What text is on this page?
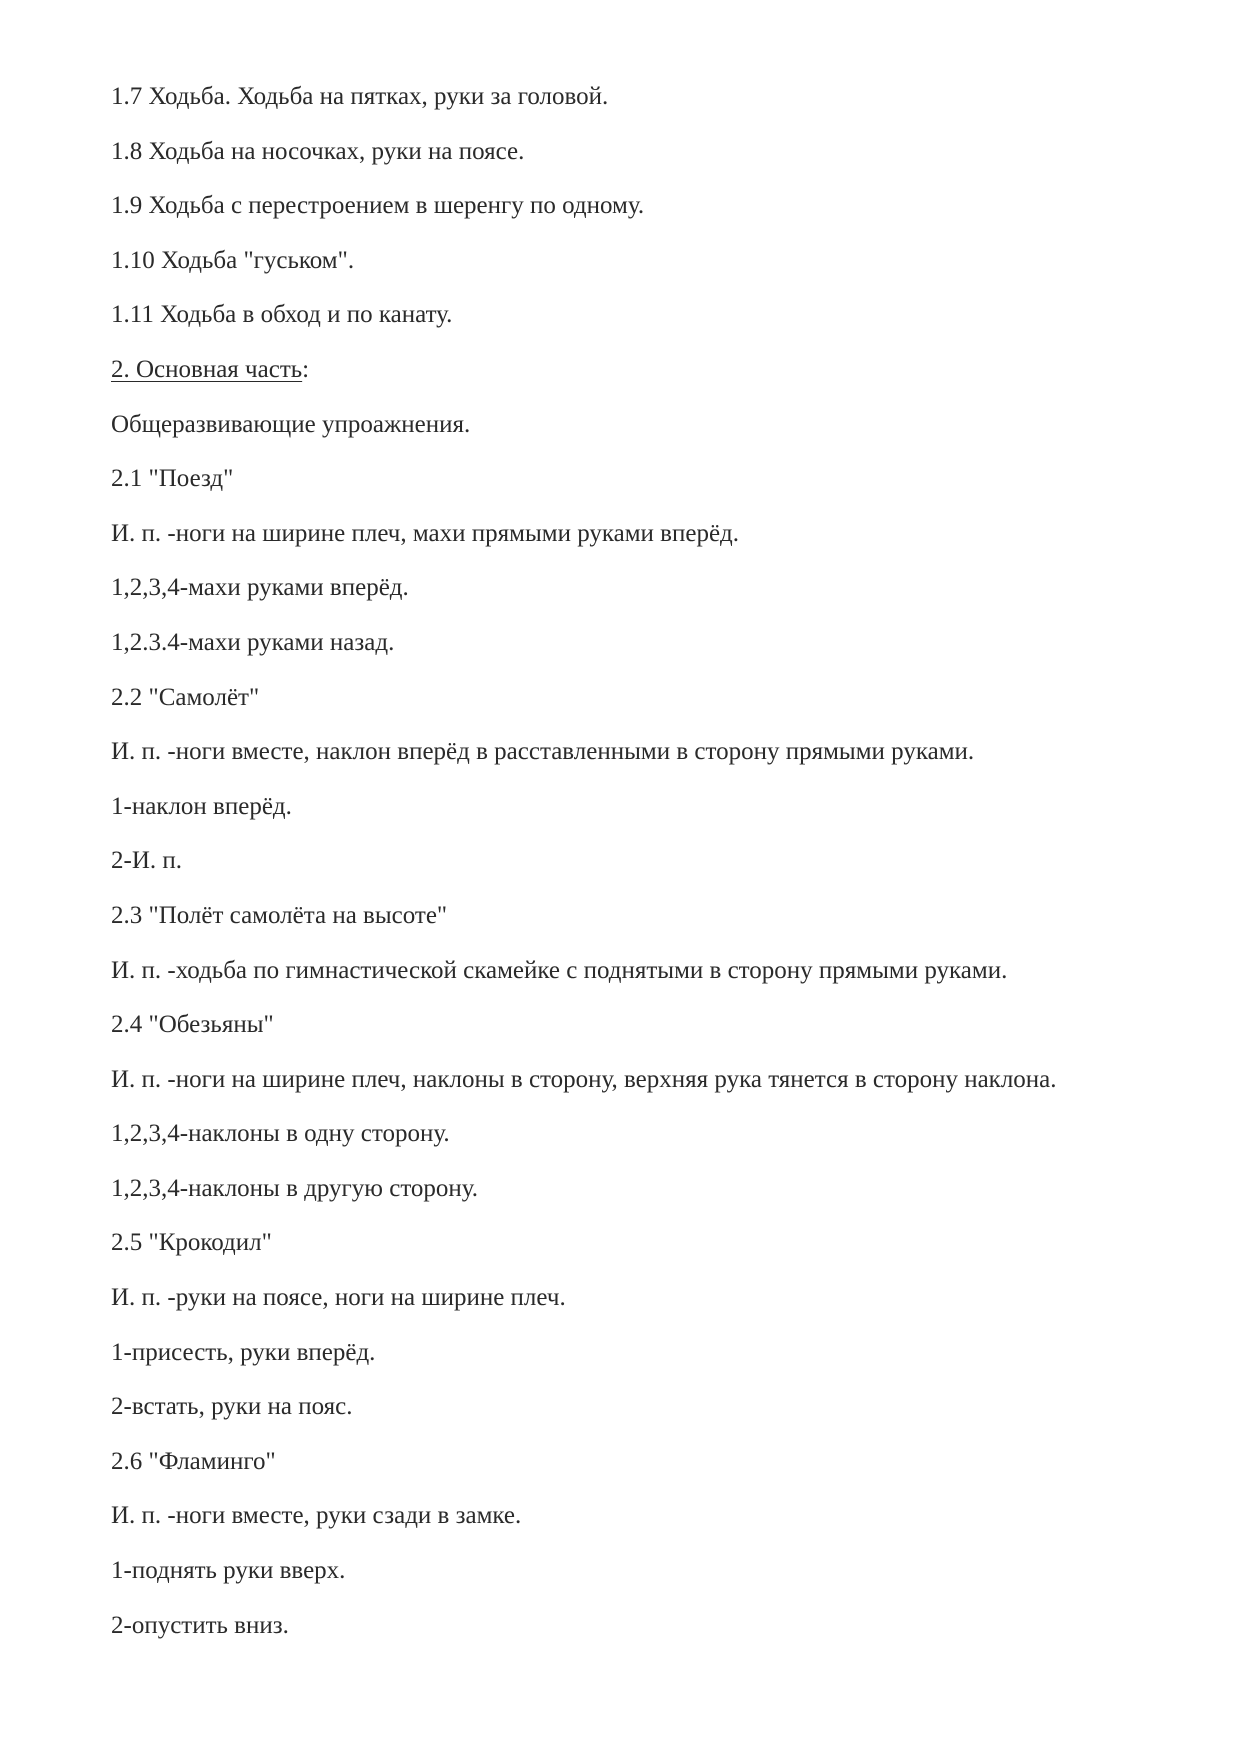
1.7 Ходьба. Ходьба на пятках, руки за головой.
1.8 Ходьба на носочках, руки на поясе.
1.9 Ходьба с перестроением в шеренгу по одному.
1.10 Ходьба "гуськом".
1.11 Ходьба в обход и по канату.
2. Основная часть:
Общеразвивающие упроажнения.
2.1 "Поезд"
И. п. -ноги на ширине плеч, махи прямыми руками вперёд.
1,2,3,4-махи руками вперёд.
1,2.3.4-махи руками назад.
2.2 "Самолёт"
И. п. -ноги вместе, наклон вперёд в расставленными в сторону прямыми руками.
1-наклон вперёд.
2-И. п.
2.3 "Полёт самолёта на высоте"
И. п. -ходьба по гимнастической скамейке с поднятыми в сторону прямыми руками.
2.4 "Обезьяны"
И. п. -ноги на ширине плеч, наклоны в сторону, верхняя рука тянется в сторону наклона.
1,2,3,4-наклоны в одну сторону.
1,2,3,4-наклоны в другую сторону.
2.5 "Крокодил"
И. п. -руки на поясе, ноги на ширине плеч.
1-присесть, руки вперёд.
2-встать, руки на пояс.
2.6 "Фламинго"
И. п. -ноги вместе, руки сзади в замке.
1-поднять руки вверх.
2-опустить вниз.
